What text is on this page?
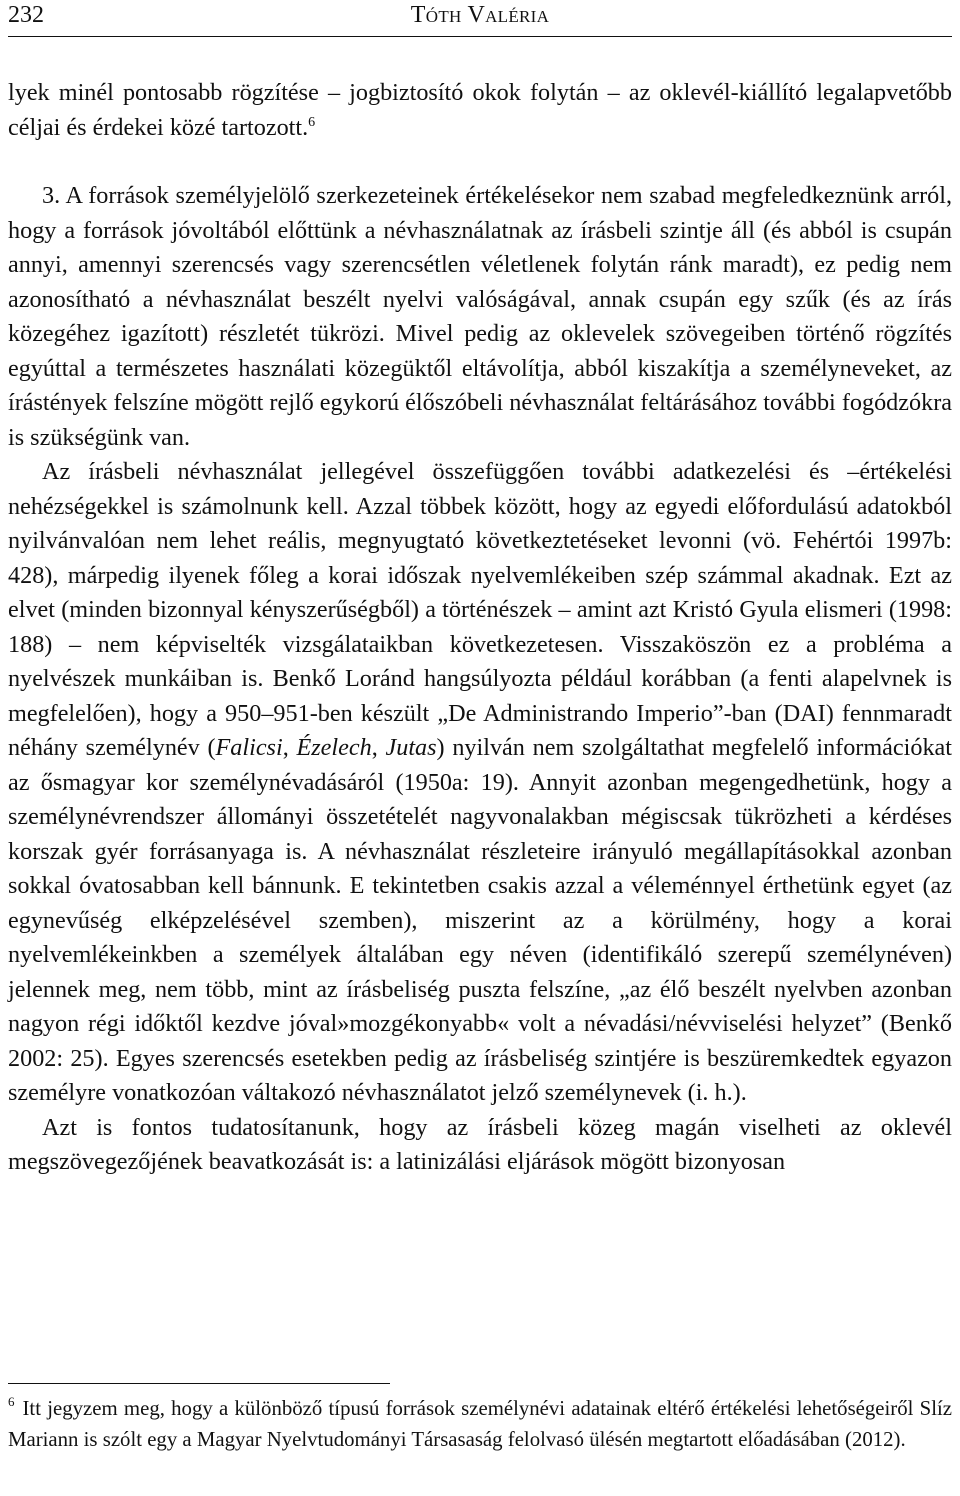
232	Tóth Valéria

lyek minél pontosabb rögzítése – jogbiztosító okok folytán – az oklevél-kiállító legalapvetőbb céljai és érdekei közé tartozott.$^6$

3. A források személyjelölő szerkezeteinek értékelésekor nem szabad megfeledkeznünk arról, hogy a források jóvoltából előttünk a névhasználatnak az írásbeli szintje áll (és abból is csupán annyi, amennyi szerencsés vagy szerencsétlen véletlenek folytán ránk maradt), ez pedig nem azonosítható a névhasználat beszélt nyelvi valóságával, annak csupán egy szűk (és az írás közegéhez igazított) részletét tükrözi. Mivel pedig az oklevelek szövegeiben történő rögzítés egyúttal a természetes használati közegüktől eltávolítja, abból kiszakítja a személyneveket, az írástények felszíne mögött rejlő egykorú élőszóbeli névhasználat feltárásához további fogódzókra is szükségünk van.

Az írásbeli névhasználat jellegével összefüggően további adatkezelési és –értékelési nehézségekkel is számolnunk kell. Azzal többek között, hogy az egyedi előfordulású adatokból nyilvánvalóan nem lehet reális, megnyugtató következtetéseket levonni (vö. Fehértói 1997b: 428), márpedig ilyenek főleg a korai időszak nyelvemlékeiben szép számmal akadnak. Ezt az elvet (minden bizonnyal kényszerűségből) a történészek – amint azt Kristó Gyula elismeri (1998: 188) – nem képviselték vizsgálataikban következetesen. Visszaköszön ez a probléma a nyelvészek munkáiban is. Benkő Loránd hangsúlyozta például korábban (a fenti alapelvnek is megfelelően), hogy a 950–951-ben készült „De Administrando Imperio”-ban (DAI) fennmaradt néhány személynév (Falicsi, Ézelech, Jutas) nyilván nem szolgáltathat megfelelő információkat az ősmagyar kor személynévadásáról (1950a: 19). Annyit azonban megengedhetünk, hogy a személynévrendszer állományi összetételét nagyvonalakban mégiscsak tükrözheti a kérdéses korszak gyér forrásanyaga is. A névhasználat részleteire irányuló megállapításokkal azonban sokkal óvatosabban kell bánnunk. E tekintetben csakis azzal a véleménnyel érthetünk egyet (az egynevűség elképzelésével szemben), miszerint az a körülmény, hogy a korai nyelvemlékeinkben a személyek általában egy néven (identifikáló szerepű személynéven) jelennek meg, nem több, mint az írásbeliség puszta felszíne, „az élő beszélt nyelvben azonban nagyon régi időktől kezdve jóval»mozgékonyabb« volt a névadási/névviselési helyzet” (Benkő 2002: 25). Egyes szerencsés esetekben pedig az írásbeliség szintjére is beszüremkedtek egyazon személyre vonatkozóan váltakozó névhasználatot jelző személynevek (i. h.).

Azt is fontos tudatosítanunk, hogy az írásbeli közeg magán viselheti az oklevél megszövegezőjének beavatkozását is: a latinizálási eljárások mögött bizonyosan

$^6$ Itt jegyzem meg, hogy a különböző típusú források személynévi adatainak eltérő értékelési lehetőségeiről Slíz Mariann is szólt egy a Magyar Nyelvtudományi Társasaság felolvasó ülésén megtartott előadásában (2012).
